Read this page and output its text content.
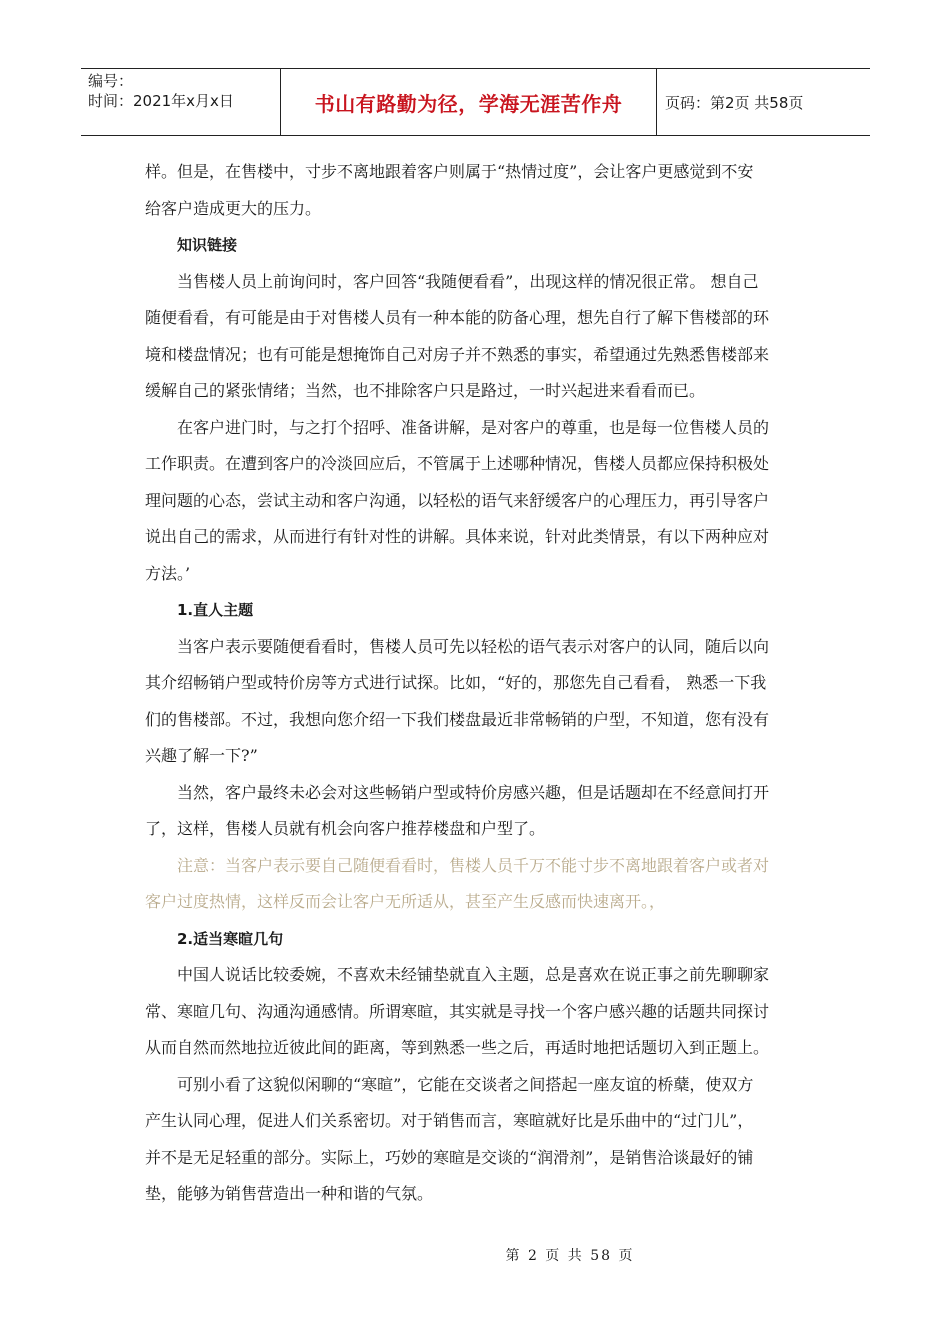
编号：
时间：2021年x月x日	书山有路勤为径，学海无涯苦作舟	页码：第2页 共58页
样。但是，在售楼中，寸步不离地跟着客户则属于“热情过度”，会让客户更感觉到不安
给客户造成更大的压力。
知识链接
当售楼人员上前询问时，客户回答“我随便看看”，出现这样的情况很正常。 想自己
随便看看，有可能是由于对售楼人员有一种本能的防备心理，想先自行了解下售楼部的环
境和楼盘情况；也有可能是想掩饰自己对房子并不熟悉的事实，希望通过先熟悉售楼部来
缓解自己的紧张情绪；当然，也不排除客户只是路过，一时兴起进来看看而已。
在客户进门时，与之打个招呼、准备讲解，是对客户的尊重，也是每一位售楼人员的
工作职责。在遭到客户的冷淡回应后，不管属于上述哪种情况，售楼人员都应保持积极处
理问题的心态，尝试主动和客户沟通，以轻松的语气来舒缓客户的心理压力，再引导客户
说出自己的需求，从而进行有针对性的讲解。具体来说，针对此类情景，有以下两种应对
方法。’
1.直人主题
当客户表示要随便看看时，售楼人员可先以轻松的语气表示对客户的认同，随后以向
其介绍畅销户型或特价房等方式进行试探。比如，“好的，那您先自己看看， 熟悉一下我
们的售楼部。不过，我想向您介绍一下我们楼盘最近非常畅销的户型，不知道，您有没有
兴趣了解一下?”
当然，客户最终未必会对这些畅销户型或特价房感兴趣，但是话题却在不经意间打开
了，这样，售楼人员就有机会向客户推荐楼盘和户型了。
注意：当客户表示要自己随便看看时，售楼人员千万不能寸步不离地跟着客户或者对
客户过度热情，这样反而会让客户无所适从，甚至产生反感而快速离开。，
2.适当寒暄几句
中国人说话比较委婉，不喜欢未经铺垫就直入主题，总是喜欢在说正事之前先聊聊家
常、寒暄几句、沟通沟通感情。所谓寒暄，其实就是寻找一个客户感兴趣的话题共同探讨
从而自然而然地拉近彼此间的距离，等到熟悉一些之后，再适时地把话题切入到正题上。
可别小看了这貌似闲聊的“寒暄”，它能在交谈者之间搭起一座友谊的桥蘖，使双方
产生认同心理，促进人们关系密切。对于销售而言，寒暄就好比是乐曲中的“过门儿”，
并不是无足轻重的部分。实际上，巧妙的寒暄是交谈的“润滑剂”，是销售洽谈最好的铺
垫，能够为销售营造出一种和谐的气氛。
第 2 页 共 58 页
